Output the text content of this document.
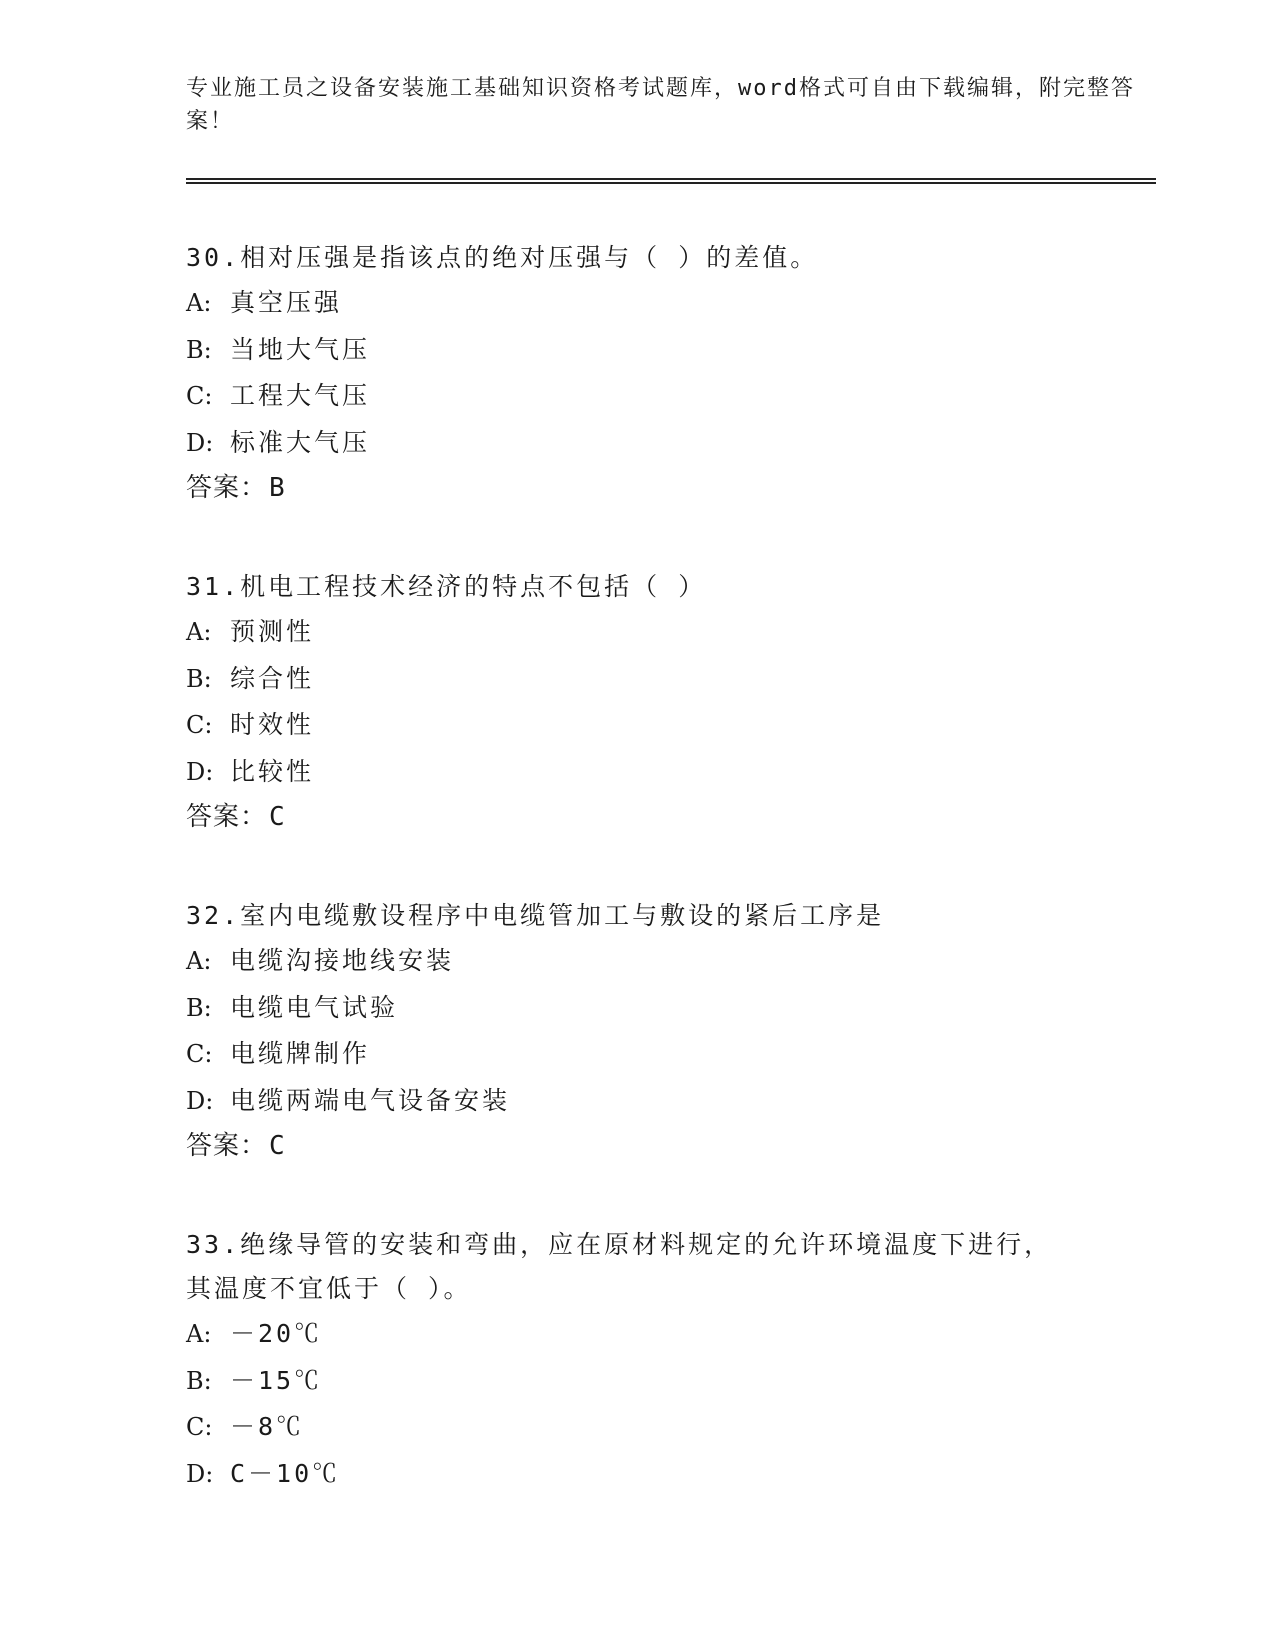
专业施工员之设备安装施工基础知识资格考试题库，word格式可自由下载编辑，附完整答案！
30.相对压强是指该点的绝对压强与（ ）的差值。
A: 真空压强
B: 当地大气压
C: 工程大气压
D: 标准大气压
答案：B
31.机电工程技术经济的特点不包括（ ）
A: 预测性
B: 综合性
C: 时效性
D: 比较性
答案：C
32.室内电缆敷设程序中电缆管加工与敷设的紧后工序是
A: 电缆沟接地线安装
B: 电缆电气试验
C: 电缆牌制作
D: 电缆两端电气设备安装
答案：C
33.绝缘导管的安装和弯曲，应在原材料规定的允许环境温度下进行，其温度不宜低于（ ）。
A: －20℃
B: －15℃
C: －8℃
D: C－10℃
